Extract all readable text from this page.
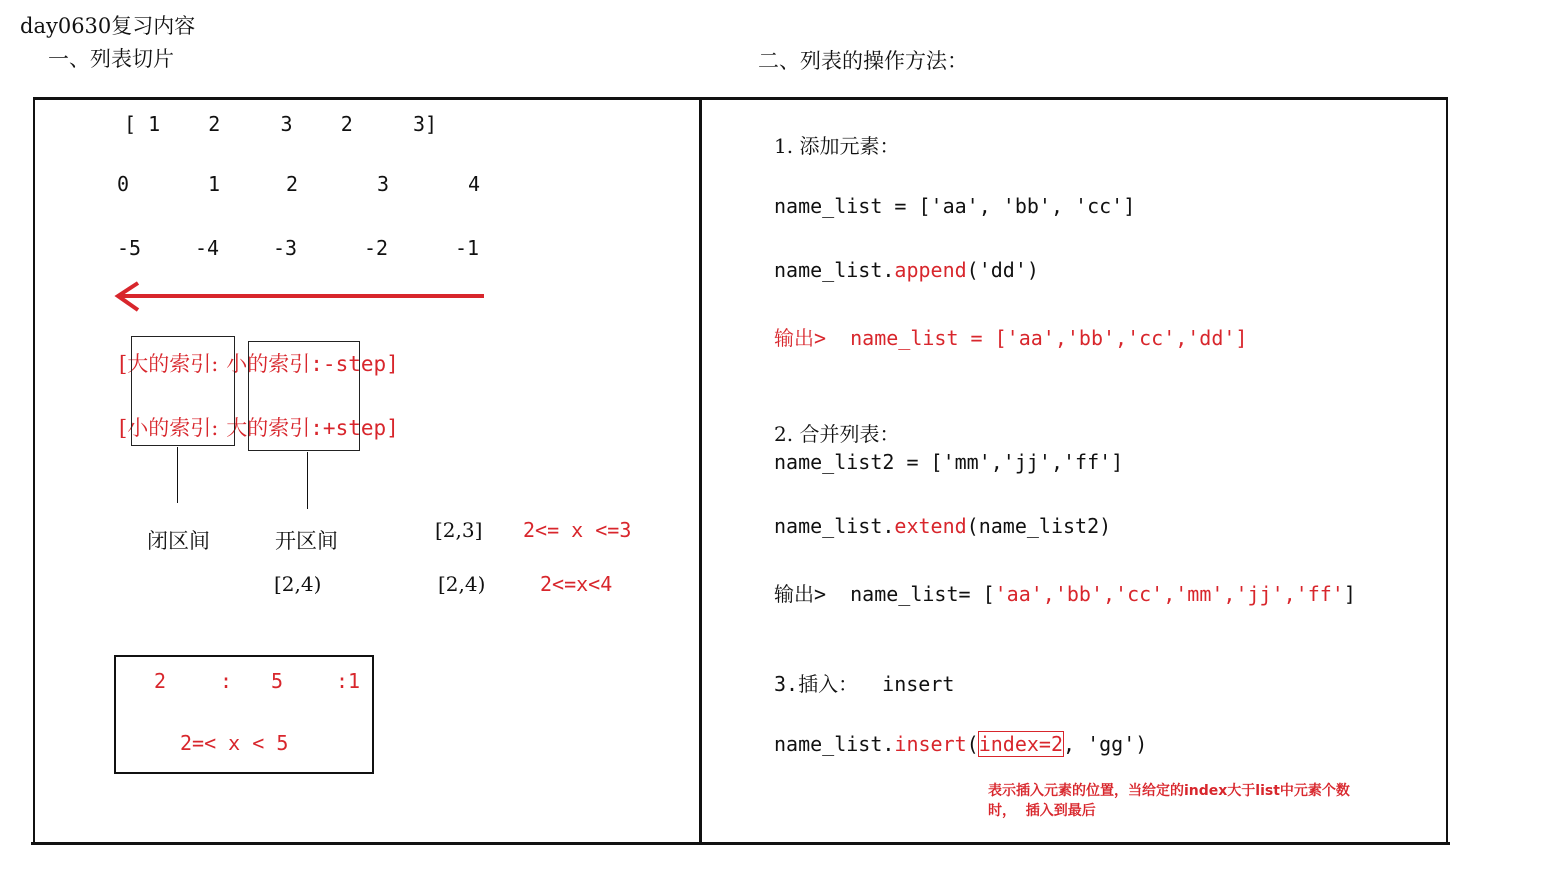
day0630复习内容
一、列表切片	二、列表的操作方法：
[ 1    2     3    2     3]
0	1	2	3	4
-5	-4	-3	-2	-1
[大的索引: 小的索引:-step]
[小的索引: 大的索引:+step]
闭区间	开区间
[2,4)
[2,3] 2<= x <=3
[2,4)	2<=x<4
2	: 5	:1
2=< x < 5
1. 添加元素：
name_list = ['aa', 'bb', 'cc']
name_list.append('dd')
输出>  name_list = ['aa','bb','cc','dd']
2. 合并列表：
name_list2 = ['mm','jj','ff']
name_list.extend(name_list2)
输出>  name_list= ['aa','bb','cc','mm','jj','ff']
3.插入：  insert
name_list.insert(index=2, 'gg')
表示插入元素的位置，当给定的index大于list中元素个数
时，  插入到最后
